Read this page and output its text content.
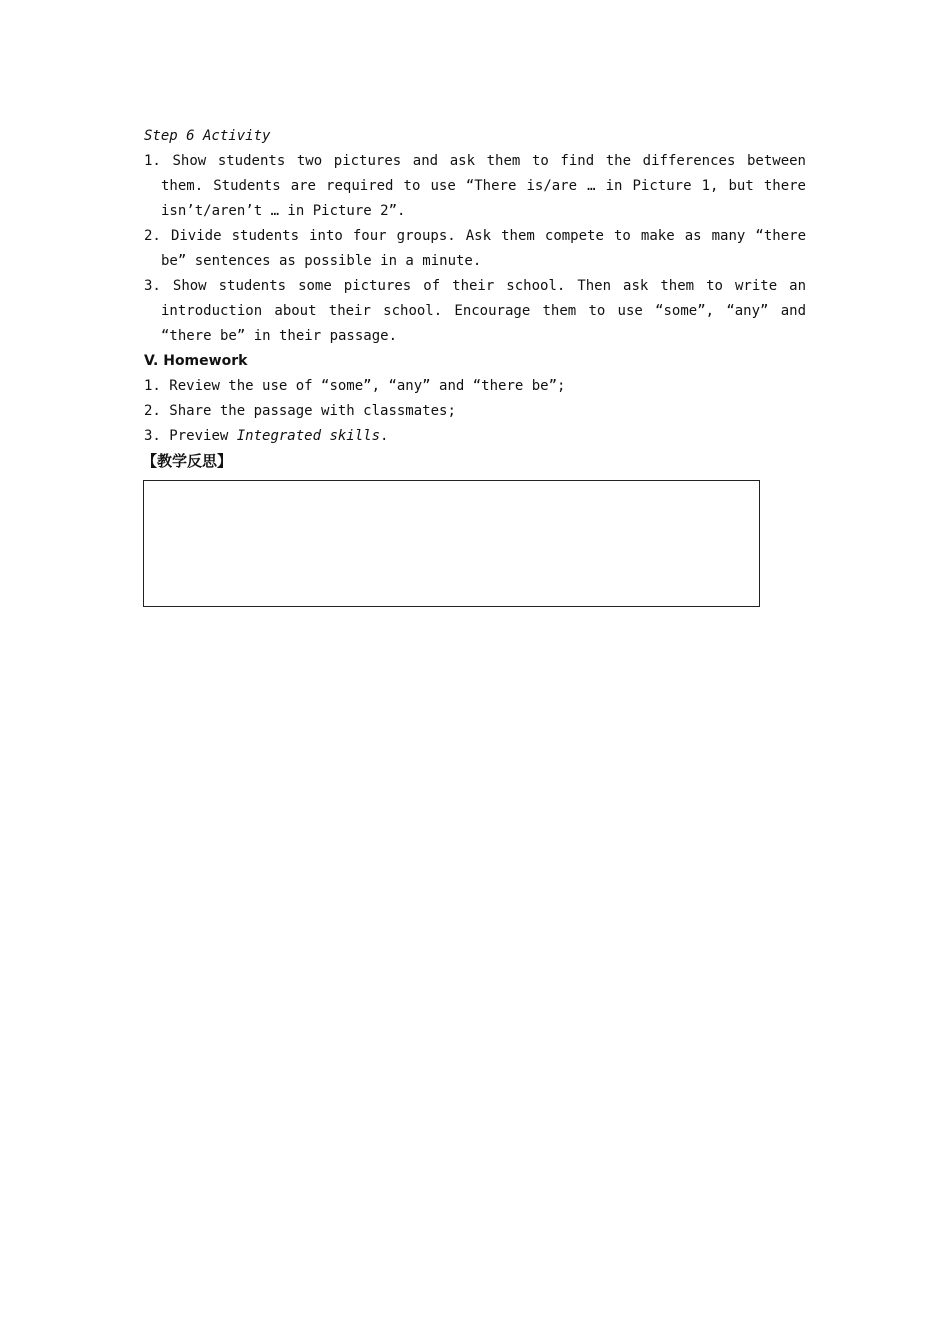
Step 6 Activity
1. Show students two pictures and ask them to find the differences between
them. Students are required to use “There is/are … in Picture 1, but there
isn’t/aren’t … in Picture 2”.
2. Divide students into four groups. Ask them compete to make as many “there
be” sentences as possible in a minute.
3. Show students some pictures of their school. Then ask them to write an
introduction about their school. Encourage them to use “some”, “any” and
“there be” in their passage.
V. Homework
1. Review the use of “some”, “any” and “there be”;
2. Share the passage with classmates;
3. Preview Integrated skills.
【教学反思】
